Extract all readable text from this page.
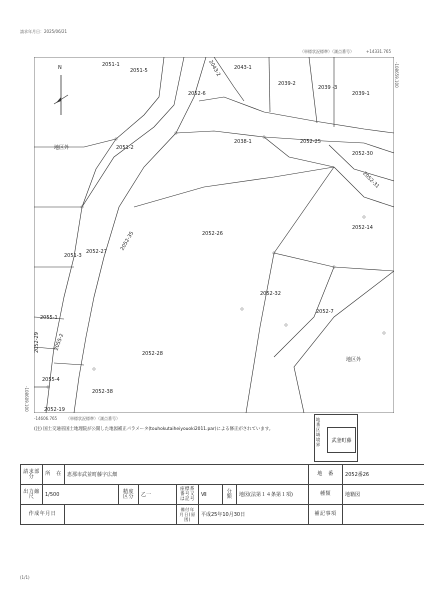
請求年月日：2025/06/21
（単標状況標準）（測点番号）	+14331.765
-108659.100
-108609.100
-14606.765 （単標状況標準）（測点番号）
N	2051-1
2051-5	2043-2	2043-1
2039-2
2039 -3
2039-1
2052-6
地区外	2051-2
2038-1	2052-25
2052-30
2052-31
2052-35	2052-26
2052-14
2051-3
2052-27
2052-32
2052-7
2055-1
2055-2
2052-28
2052-29
地区外
2055-4
2052-38
2052-19
(注) 国土交通省国土地理院が公開した地図補正パラメータ(touhokutaiheiyouoki2011.par)による修正がされています。
地番区域境界
武釜町藤
請求部分	所　在	恵那市武並町藤字広畑							地　番	2052番26
出力縮尺	1/500		精度区分	乙一	座標系番号又は記号	Ⅶ	分類	地図(法第１４条第１項)	種類	地籍図
作成年月日					備付年月日(原図)	平成25年10月30日			補記事項	
(1/1)
